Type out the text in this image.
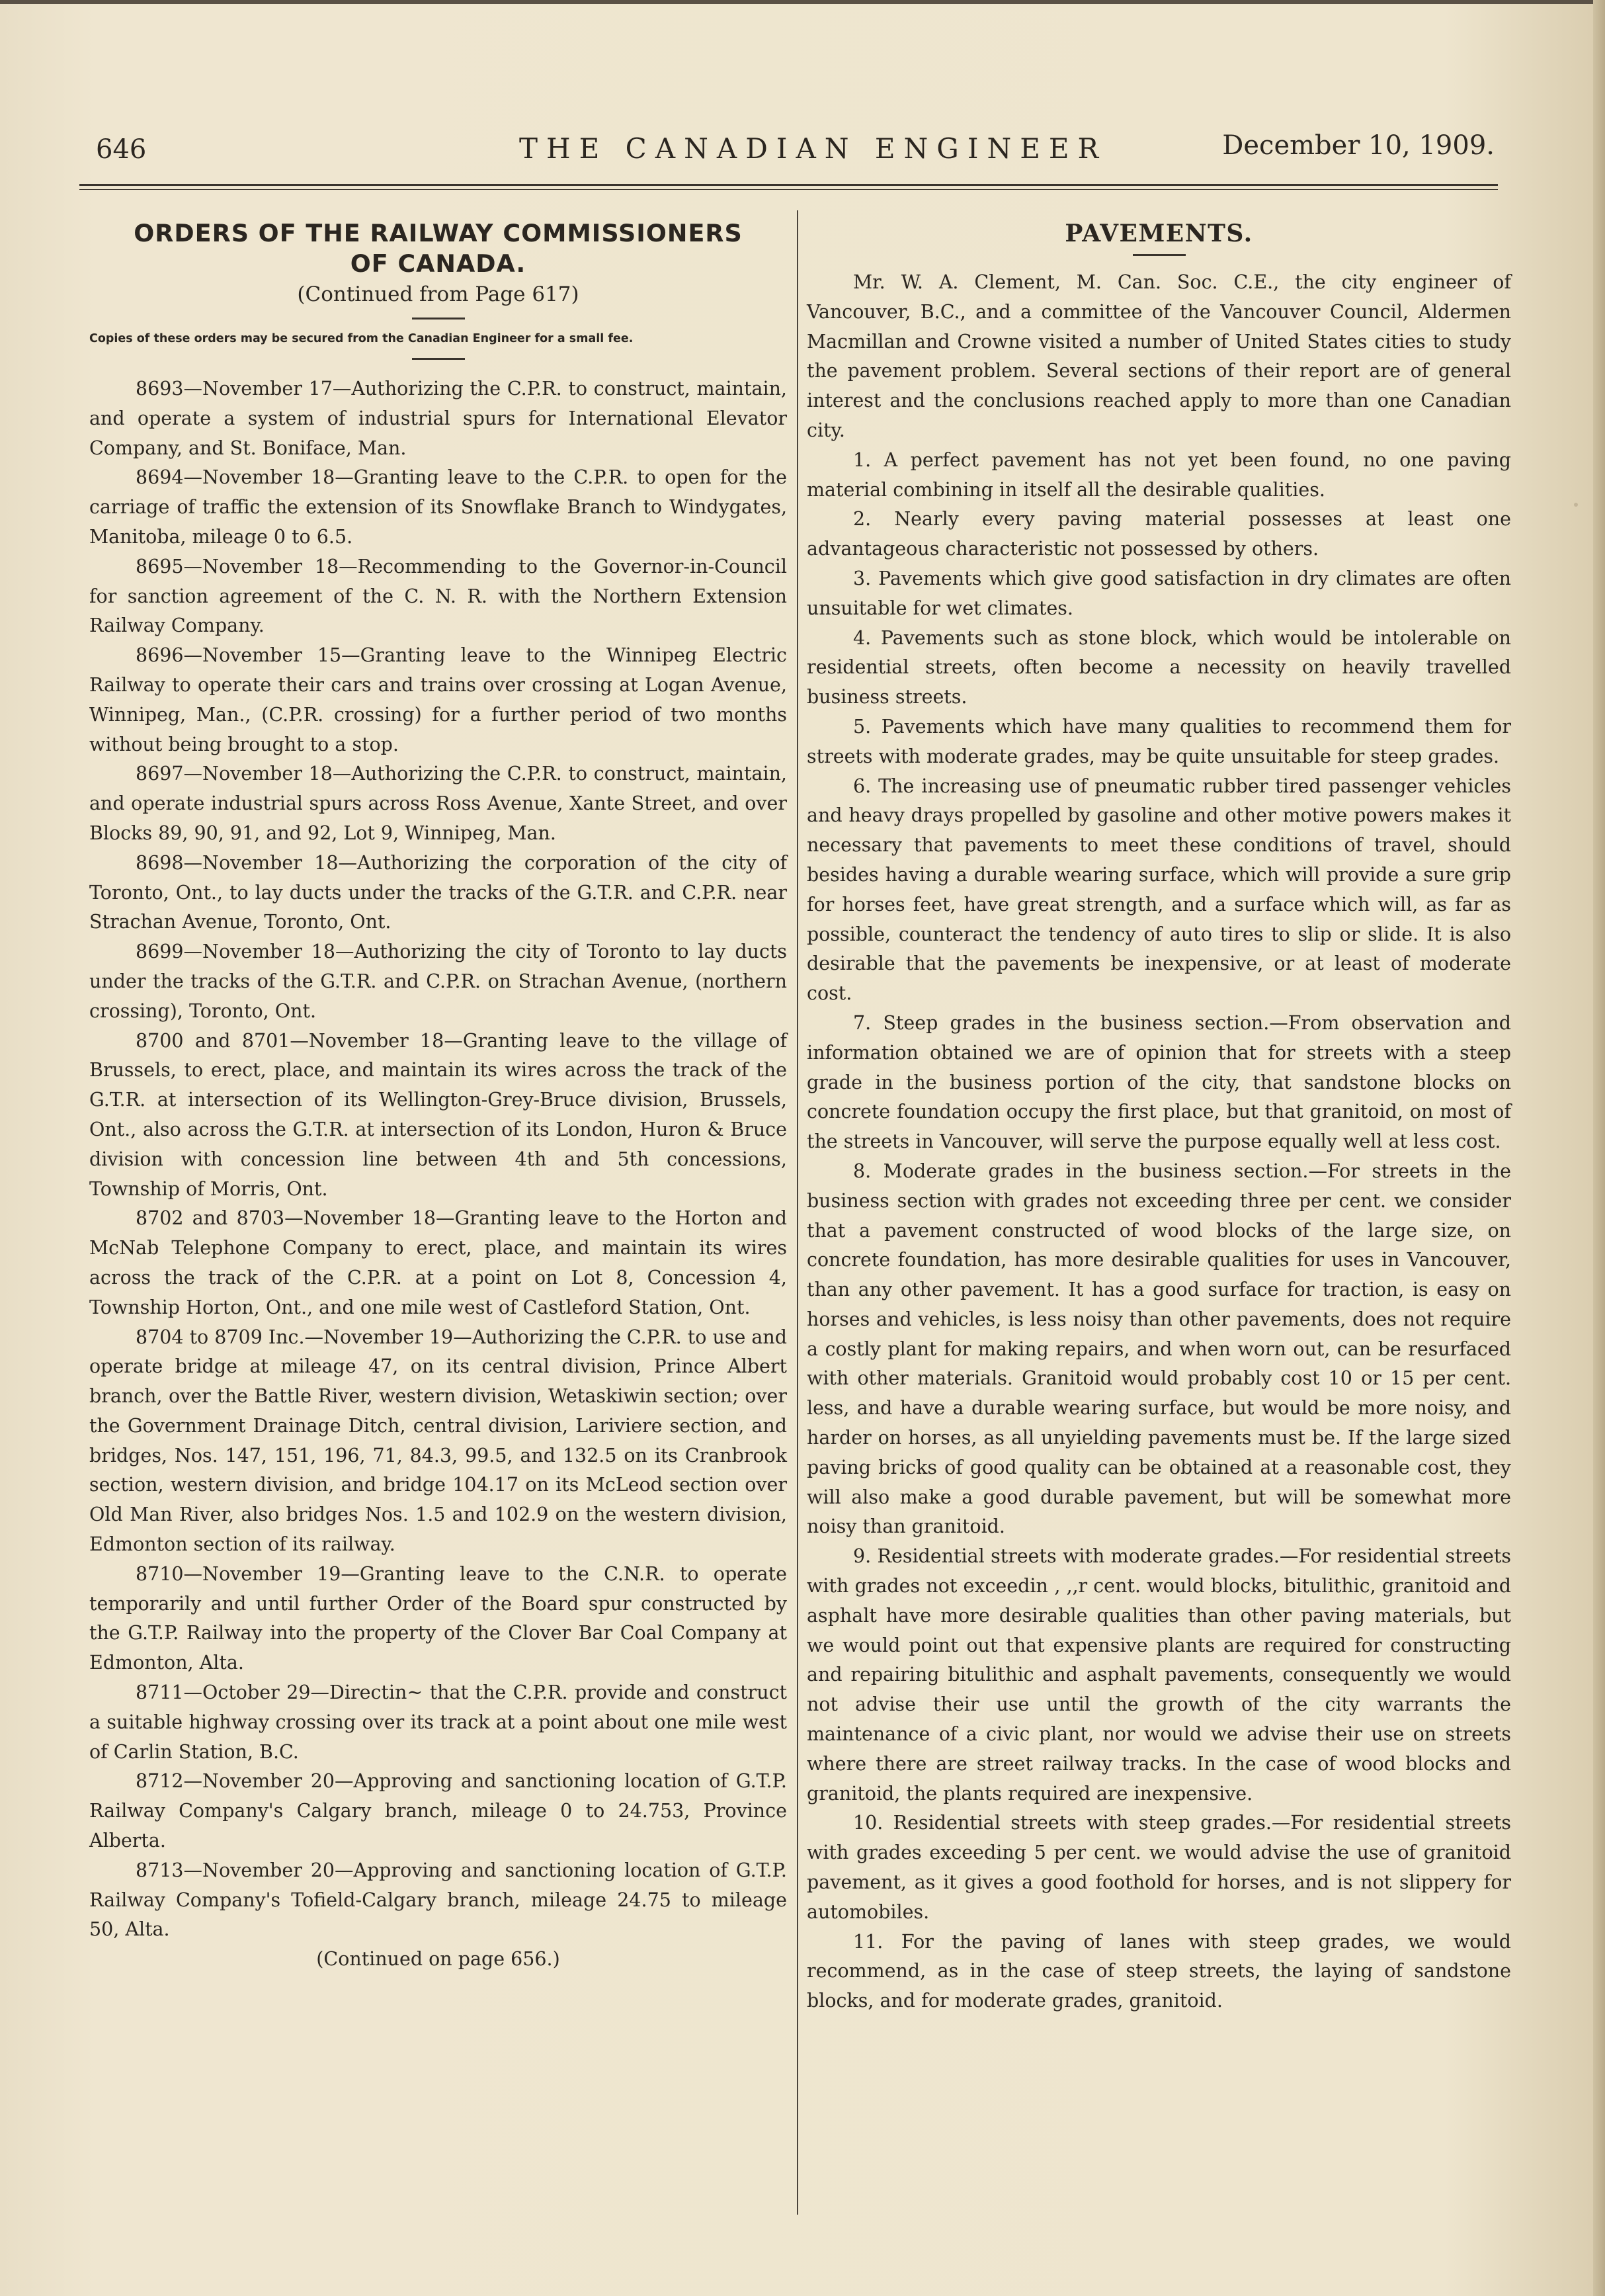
646	THE CANADIAN ENGINEER	December 10, 1909.

ORDERS OF THE RAILWAY COMMISSIONERS

OF CANADA.

(Continued from Page 617)

Copies of these orders may be secured from the Canadian Engineer for a small fee.

8693—November 17—Authorizing the C.P.R. to construct, maintain, and operate a system of industrial spurs for International Elevator Company, and St. Boniface, Man.

8694—November 18—Granting leave to the C.P.R. to open for the carriage of traffic the extension of its Snowflake Branch to Windygates, Manitoba, mileage 0 to 6.5.

8695—November 18—Recommending to the Governor-in-Council for sanction agreement of the C. N. R. with the Northern Extension Railway Company.

8696—November 15—Granting leave to the Winnipeg Electric Railway to operate their cars and trains over crossing at Logan Avenue, Winnipeg, Man., (C.P.R. crossing) for a further period of two months without being brought to a stop.

8697—November 18—Authorizing the C.P.R. to construct, maintain, and operate industrial spurs across Ross Avenue, Xante Street, and over Blocks 89, 90, 91, and 92, Lot 9, Winnipeg, Man.

8698—November 18—Authorizing the corporation of the city of Toronto, Ont., to lay ducts under the tracks of the G.T.R. and C.P.R. near Strachan Avenue, Toronto, Ont.

8699—November 18—Authorizing the city of Toronto to lay ducts under the tracks of the G.T.R. and C.P.R. on Strachan Avenue, (northern crossing), Toronto, Ont.

8700 and 8701—November 18—Granting leave to the village of Brussels, to erect, place, and maintain its wires across the track of the G.T.R. at intersection of its Wellington-Grey-Bruce division, Brussels, Ont., also across the G.T.R. at intersection of its London, Huron & Bruce division with concession line between 4th and 5th concessions, Township of Morris, Ont.

8702 and 8703—November 18—Granting leave to the Horton and McNab Telephone Company to erect, place, and maintain its wires across the track of the C.P.R. at a point on Lot 8, Concession 4, Township Horton, Ont., and one mile west of Castleford Station, Ont.

8704 to 8709 Inc.—November 19—Authorizing the C.P.R. to use and operate bridge at mileage 47, on its central division, Prince Albert branch, over the Battle River, western division, Wetaskiwin section; over the Government Drainage Ditch, central division, Lariviere section, and bridges, Nos. 147, 151, 196, 71, 84.3, 99.5, and 132.5 on its Cranbrook section, western division, and bridge 104.17 on its McLeod section over Old Man River, also bridges Nos. 1.5 and 102.9 on the western division, Edmonton section of its railway.

8710—November 19—Granting leave to the C.N.R. to operate temporarily and until further Order of the Board spur constructed by the G.T.P. Railway into the property of the Clover Bar Coal Company at Edmonton, Alta.

8711—October 29—Directin~ that the C.P.R. provide and construct a suitable highway crossing over its track at a point about one mile west of Carlin Station, B.C.

8712—November 20—Approving and sanctioning location of G.T.P. Railway Company's Calgary branch, mileage 0 to 24.753, Province Alberta.

8713—November 20—Approving and sanctioning location of G.T.P. Railway Company's Tofield-Calgary branch, mileage 24.75 to mileage 50, Alta.

(Continued on page 656.)

PAVEMENTS.

Mr. W. A. Clement, M. Can. Soc. C.E., the city engineer of Vancouver, B.C., and a committee of the Vancouver Council, Aldermen Macmillan and Crowne visited a number of United States cities to study the pavement problem. Several sections of their report are of general interest and the conclusions reached apply to more than one Canadian city.

1. A perfect pavement has not yet been found, no one paving material combining in itself all the desirable qualities.

2. Nearly every paving material possesses at least one advantageous characteristic not possessed by others.

3. Pavements which give good satisfaction in dry climates are often unsuitable for wet climates.

4. Pavements such as stone block, which would be intolerable on residential streets, often become a necessity on heavily travelled business streets.

5. Pavements which have many qualities to recommend them for streets with moderate grades, may be quite unsuitable for steep grades.

6. The increasing use of pneumatic rubber tired passenger vehicles and heavy drays propelled by gasoline and other motive powers makes it necessary that pavements to meet these conditions of travel, should besides having a durable wearing surface, which will provide a sure grip for horses feet, have great strength, and a surface which will, as far as possible, counteract the tendency of auto tires to slip or slide. It is also desirable that the pavements be inexpensive, or at least of moderate cost.

7. Steep grades in the business section.—From observation and information obtained we are of opinion that for streets with a steep grade in the business portion of the city, that sandstone blocks on concrete foundation occupy the first place, but that granitoid, on most of the streets in Vancouver, will serve the purpose equally well at less cost.

8. Moderate grades in the business section.—For streets in the business section with grades not exceeding three per cent. we consider that a pavement constructed of wood blocks of the large size, on concrete foundation, has more desirable qualities for uses in Vancouver, than any other pavement. It has a good surface for traction, is easy on horses and vehicles, is less noisy than other pavements, does not require a costly plant for making repairs, and when worn out, can be resurfaced with other materials. Granitoid would probably cost 10 or 15 per cent. less, and have a durable wearing surface, but would be more noisy, and harder on horses, as all unyielding pavements must be. If the large sized paving bricks of good quality can be obtained at a reasonable cost, they will also make a good durable pavement, but will be somewhat more noisy than granitoid.

9. Residential streets with moderate grades.—For residential streets with grades not exceedin ‚ ‚‚r cent. would blocks, bitulithic, granitoid and asphalt have more desirable qualities than other paving materials, but we would point out that expensive plants are required for constructing and repairing bitulithic and asphalt pavements, consequently we would not advise their use until the growth of the city warrants the maintenance of a civic plant, nor would we advise their use on streets where there are street railway tracks. In the case of wood blocks and granitoid, the plants required are inexpensive.

10. Residential streets with steep grades.—For residential streets with grades exceeding 5 per cent. we would advise the use of granitoid pavement, as it gives a good foothold for horses, and is not slippery for automobiles.

11. For the paving of lanes with steep grades, we would recommend, as in the case of steep streets, the laying of sandstone blocks, and for moderate grades, granitoid.
